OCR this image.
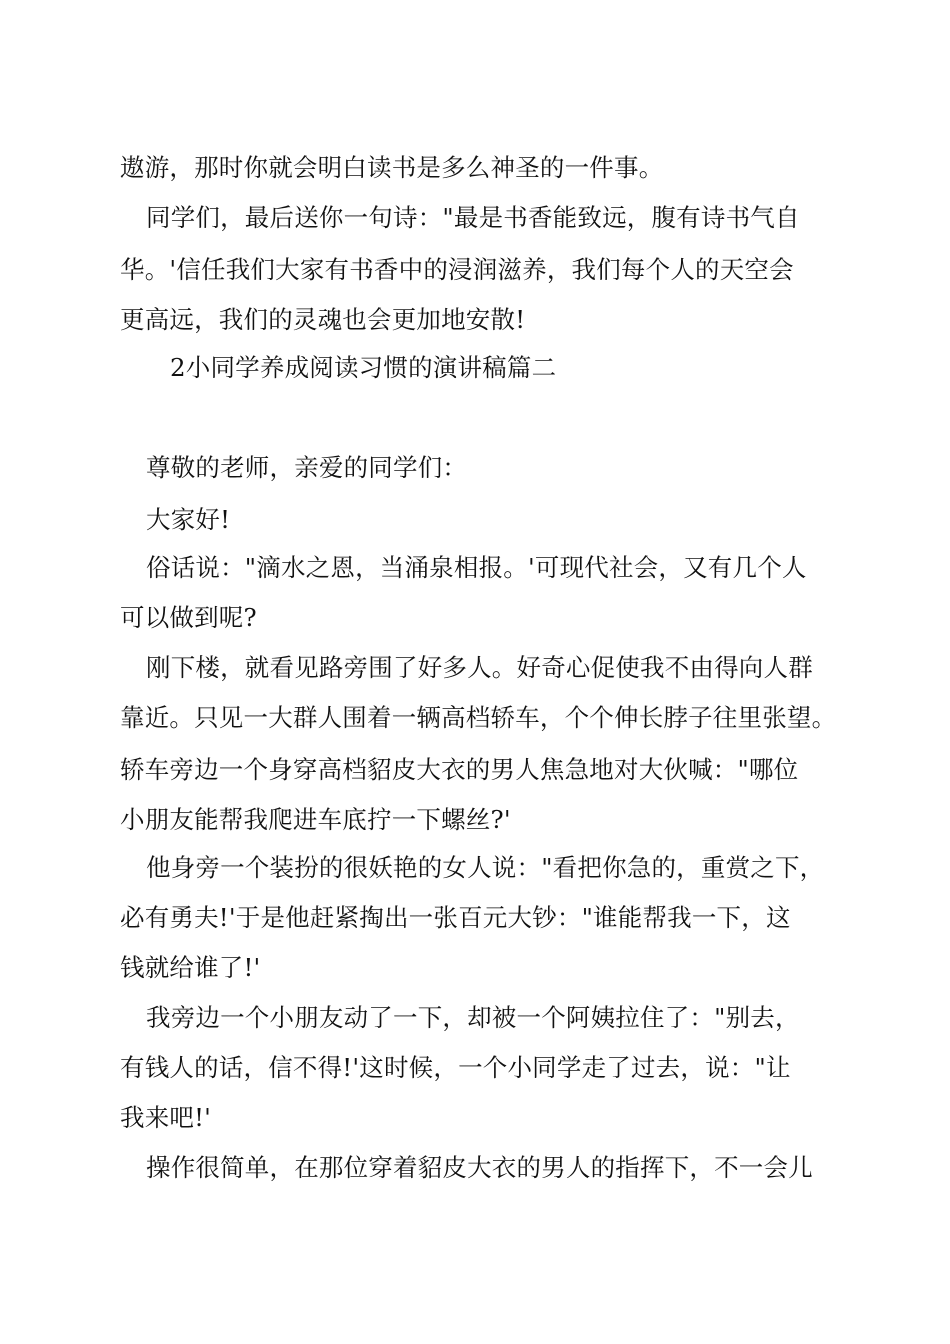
遨游，那时你就会明白读书是多么神圣的一件事。
同学们，最后送你一句诗："最是书香能致远，腹有诗书气自
华。'信任我们大家有书香中的浸润滋养，我们每个人的天空会
更高远，我们的灵魂也会更加地安散!
2小同学养成阅读习惯的演讲稿篇二
尊敬的老师，亲爱的同学们：
大家好!
俗话说："滴水之恩，当涌泉相报。'可现代社会，又有几个人
可以做到呢?
刚下楼，就看见路旁围了好多人。好奇心促使我不由得向人群
靠近。只见一大群人围着一辆高档轿车，个个伸长脖子往里张望。
轿车旁边一个身穿高档貂皮大衣的男人焦急地对大伙喊："哪位
小朋友能帮我爬进车底拧一下螺丝?'
他身旁一个装扮的很妖艳的女人说："看把你急的，重赏之下，
必有勇夫!'于是他赶紧掏出一张百元大钞："谁能帮我一下，这
钱就给谁了!'
我旁边一个小朋友动了一下，却被一个阿姨拉住了："别去，
有钱人的话，信不得!'这时候，一个小同学走了过去，说："让
我来吧!'
操作很简单，在那位穿着貂皮大衣的男人的指挥下，不一会儿
